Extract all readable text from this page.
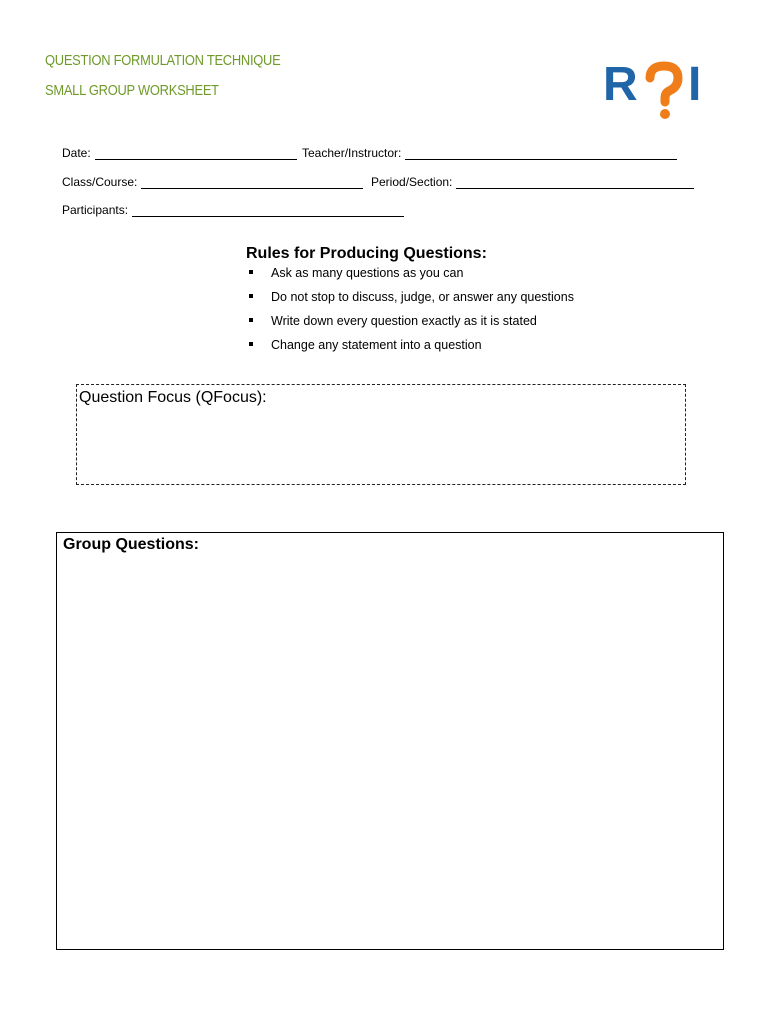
QUESTION FORMULATION TECHNIQUE
SMALL GROUP WORKSHEET	R I
Date:	Teacher/Instructor:
Class/Course:	Period/Section:
Participants:
Rules for Producing Questions:
Ask as many questions as you can
Do not stop to discuss, judge, or answer any questions
Write down every question exactly as it is stated
Change any statement into a question
Question Focus (QFocus):
Group Questions:
